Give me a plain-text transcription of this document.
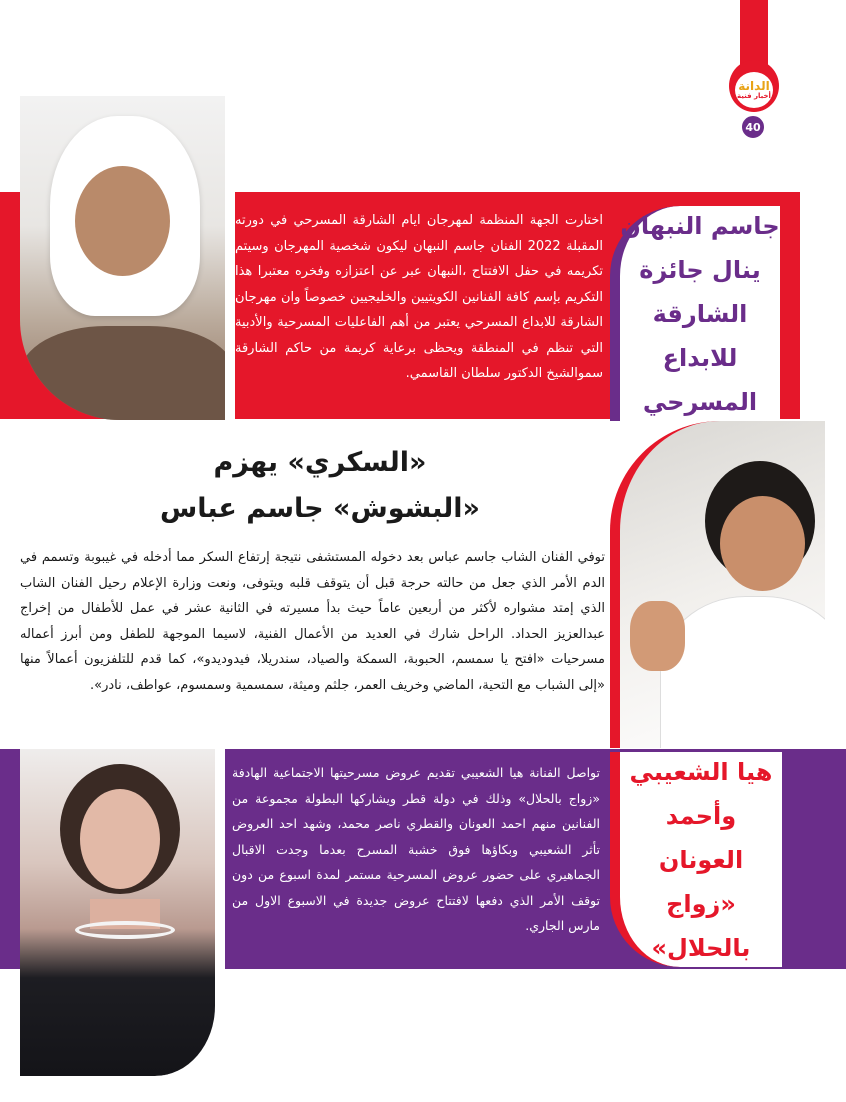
الدانة
أخبار فنية
40
اختارت الجهة المنظمة لمهرجان ايام الشارقة المسرحي في دورته المقبلة 2022 الفنان جاسم النبهان ليكون شخصية المهرجان وسيتم تكريمه في حفل الافتتاح ،النبهان عبر عن اعتزازه وفخره معتبرا هذا التكريم بإسم كافة الفنانين الكويتيين والخليجيين خصوصاً وان مهرجان الشارقة للابداع المسرحي يعتبر من أهم الفاعليات المسرحية والأدبية التي تنظم في المنطقة ويحظى برعاية كريمة من حاكم الشارقة سموالشيخ الدكتور سلطان القاسمي.
جاسم النبهان
ينال جائزة
الشارقة للابداع
المسرحي
«السكري» يهزم
«البشوش» جاسم عباس
توفي الفنان الشاب جاسم عباس بعد دخوله المستشفى نتيجة إرتفاع السكر مما أدخله في غيبوبة وتسمم في الدم الأمر الذي جعل من حالته حرجة قبل أن يتوقف قلبه ويتوفى، ونعت وزارة الإعلام رحيل الفنان الشاب الذي إمتد مشواره لأكثر من أربعين عاماً حيث بدأ مسيرته في الثانية عشر في عمل للأطفال من إخراج عبدالعزيز الحداد. الراحل شارك في العديد من الأعمال الفنية، لاسيما الموجهة للطفل ومن أبرز أعماله مسرحيات «افتح يا سمسم، الحبوبة، السمكة والصياد، سندريلا، فيدوديدو»، كما قدم للتلفزيون أعمالاً منها «إلى الشباب مع التحية، الماضي وخريف العمر، جلثم وميثة، سمسمية وسمسوم، عواطف، نادر».
تواصل الفنانة هيا الشعيبي تقديم عروض مسرحيتها الاجتماعية الهادفة «زواج بالحلال» وذلك في دولة قطر ويشاركها البطولة مجموعة من الفنانين منهم احمد العونان والقطري ناصر محمد، وشهد احد العروض تأثر الشعيبي وبكاؤها فوق خشبة المسرح بعدما وجدت الاقبال الجماهيري على حضور عروض المسرحية مستمر لمدة اسبوع من دون توقف الأمر الذي دفعها لافتتاح عروض جديدة في الاسبوع الاول من مارس الجاري.
هيا الشعيبي
وأحمد العونان
«زواج بالحلال»
